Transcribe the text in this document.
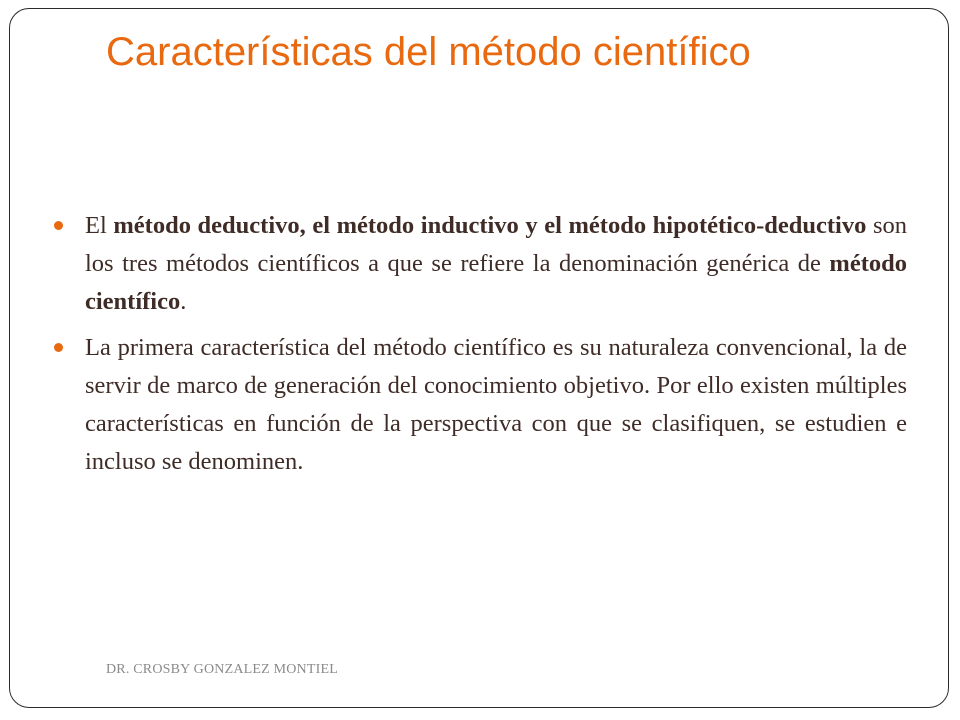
Características del método científico
El método deductivo, el método inductivo y el método hipotético-deductivo son los tres métodos científicos a que se refiere la denominación genérica de método científico.
La primera característica del método científico es su naturaleza convencional, la de servir de marco de generación del conocimiento objetivo. Por ello existen múltiples características en función de la perspectiva con que se clasifiquen, se estudien e incluso se denominen.
DR. CROSBY GONZALEZ MONTIEL
